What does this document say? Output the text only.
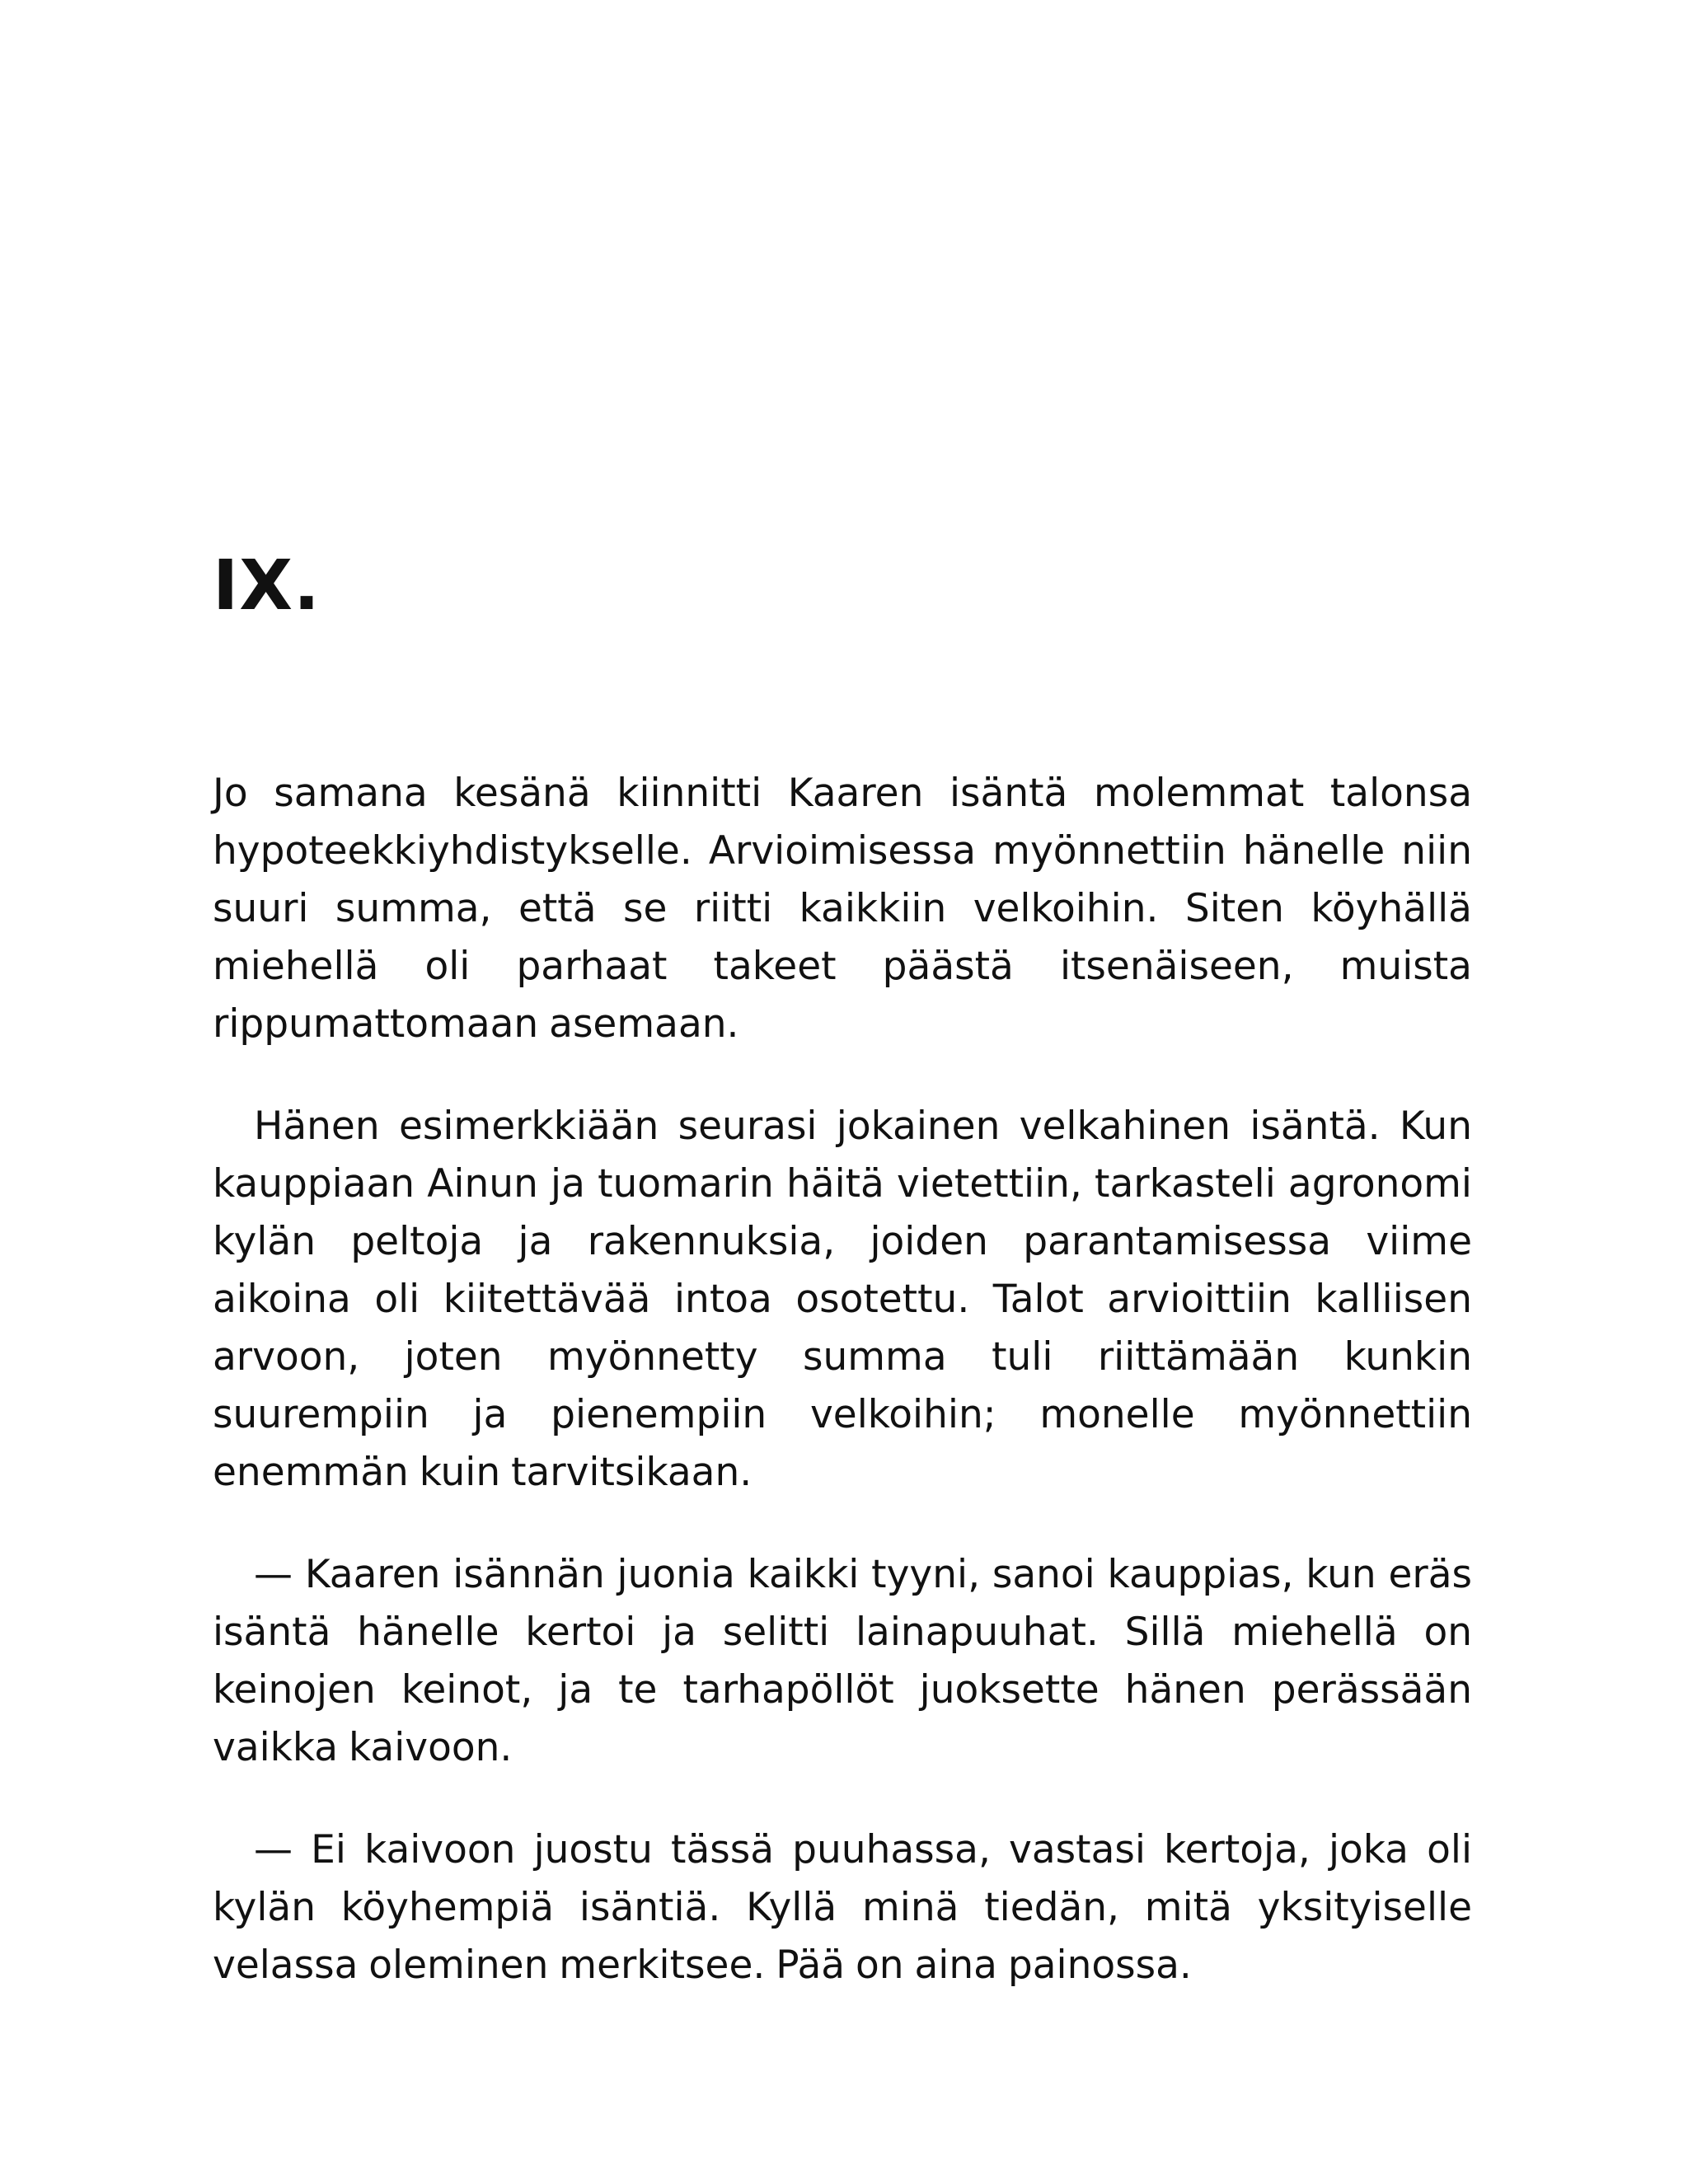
IX.

Jo samana kesänä kiinnitti Kaaren isäntä molemmat talonsa hypoteekkiyhdistykselle. Arvioimisessa myönnettiin hänelle niin suuri summa, että se riitti kaikkiin velkoihin. Siten köyhällä miehellä oli parhaat takeet päästä itsenäiseen, muista rippumattomaan asemaan.

Hänen esimerkkiään seurasi jokainen velkahinen isäntä. Kun kauppiaan Ainun ja tuomarin häitä vietettiin, tarkasteli agronomi kylän peltoja ja rakennuksia, joiden parantamisessa viime aikoina oli kiitettävää intoa osotettu. Talot arvioittiin kalliisen arvoon, joten myönnetty summa tuli riittämään kunkin suurempiin ja pienempiin velkoihin; monelle myönnettiin enemmän kuin tarvitsikaan.

— Kaaren isännän juonia kaikki tyyni, sanoi kauppias, kun eräs isäntä hänelle kertoi ja selitti lainapuuhat. Sillä miehellä on keinojen keinot, ja te tarhapöllöt juoksette hänen perässään vaikka kaivoon.

— Ei kaivoon juostu tässä puuhassa, vastasi kertoja, joka oli kylän köyhempiä isäntiä. Kyllä minä tiedän, mitä yksityiselle velassa oleminen merkitsee. Pää on aina painossa.
